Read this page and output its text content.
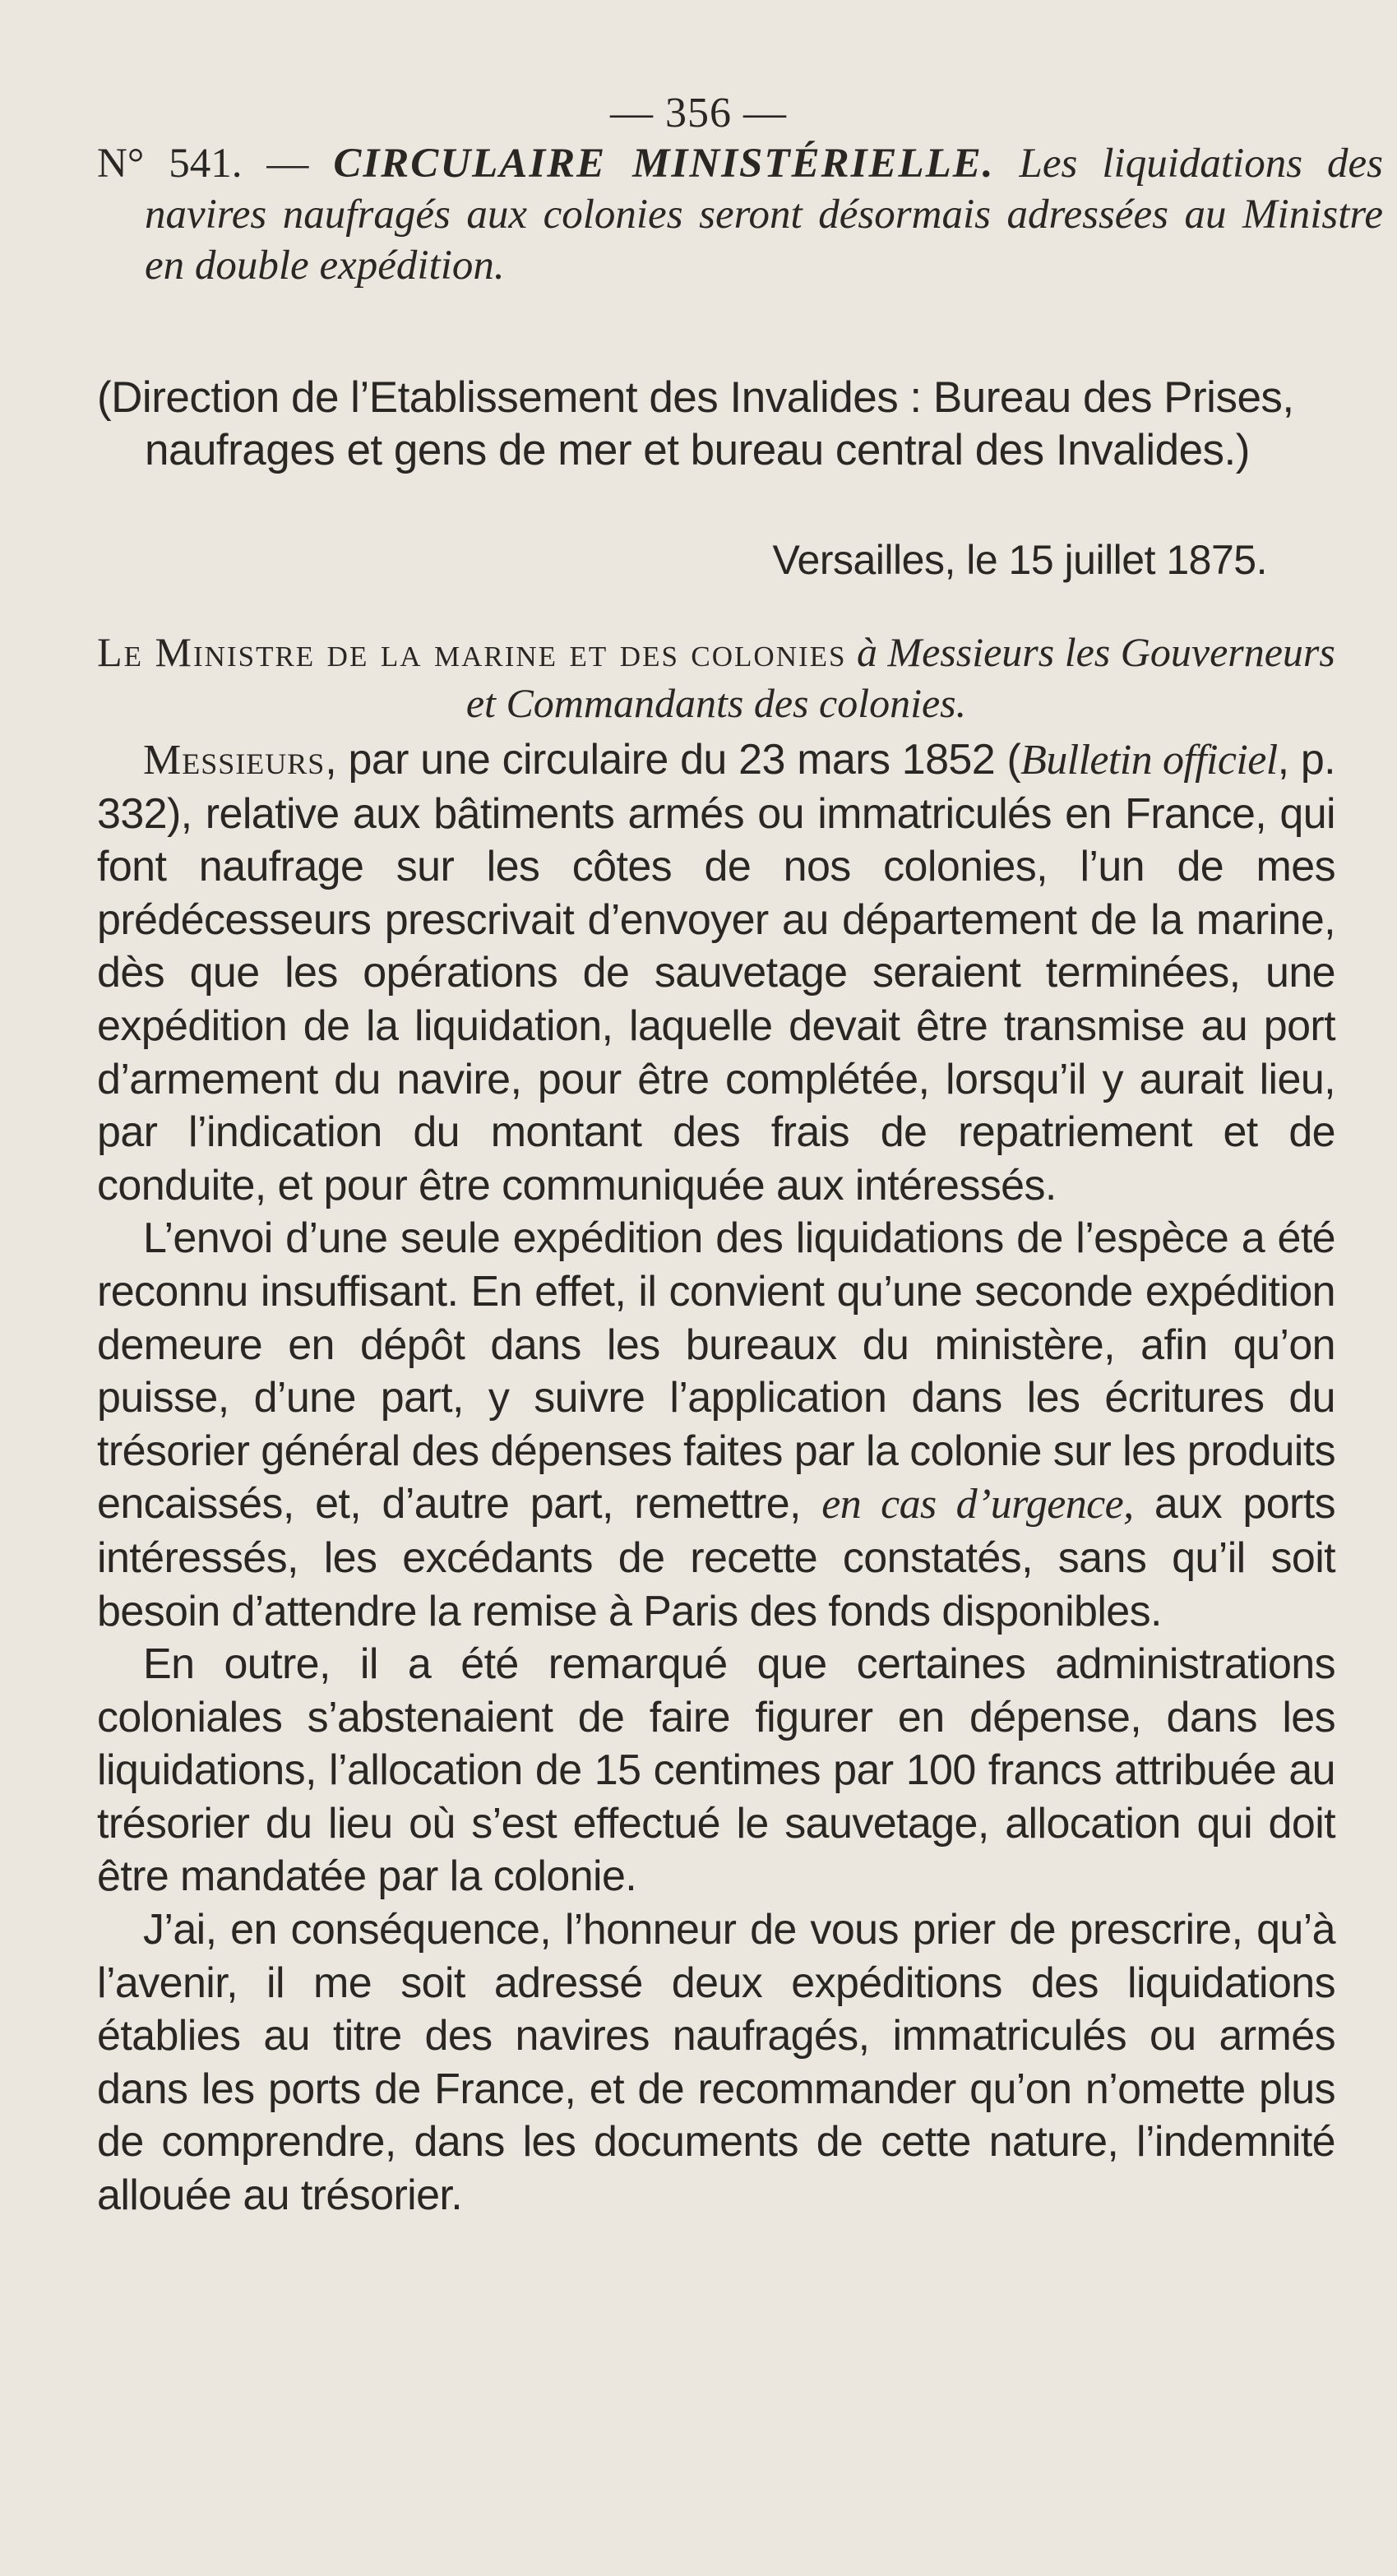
— 356 —
N° 541. — CIRCULAIRE MINISTÉRIELLE. Les liquidations des navires naufragés aux colonies seront désormais adressées au Ministre en double expédition.
(Direction de l’Etablissement des Invalides : Bureau des Prises, naufrages et gens de mer et bureau central des Invalides.)
Versailles, le 15 juillet 1875.
Le Ministre de la marine et des colonies à Messieurs les Gouverneurs et Commandants des colonies.

Messieurs, par une circulaire du 23 mars 1852 (Bulletin officiel, p. 332), relative aux bâtiments armés ou immatriculés en France, qui font naufrage sur les côtes de nos colonies, l’un de mes prédécesseurs prescrivait d’envoyer au département de la marine, dès que les opérations de sauvetage seraient terminées, une expédition de la liquidation, laquelle devait être transmise au port d’armement du navire, pour être complétée, lorsqu’il y aurait lieu, par l’indication du montant des frais de repatriement et de conduite, et pour être communiquée aux intéressés.

L’envoi d’une seule expédition des liquidations de l’espèce a été reconnu insuffisant. En effet, il convient qu’une seconde expédition demeure en dépôt dans les bureaux du ministère, afin qu’on puisse, d’une part, y suivre l’application dans les écritures du trésorier général des dépenses faites par la colonie sur les produits encaissés, et, d’autre part, remettre, en cas d’urgence, aux ports intéressés, les excédants de recette constatés, sans qu’il soit besoin d’attendre la remise à Paris des fonds disponibles.

En outre, il a été remarqué que certaines administrations coloniales s’abstenaient de faire figurer en dépense, dans les liquidations, l’allocation de 15 centimes par 100 francs attribuée au trésorier du lieu où s’est effectué le sauvetage, allocation qui doit être mandatée par la colonie.

J’ai, en conséquence, l’honneur de vous prier de prescrire, qu’à l’avenir, il me soit adressé deux expéditions des liquidations établies au titre des navires naufragés, immatriculés ou armés dans les ports de France, et de recommander qu’on n’omette plus de comprendre, dans les documents de cette nature, l’indemnité allouée au trésorier.
